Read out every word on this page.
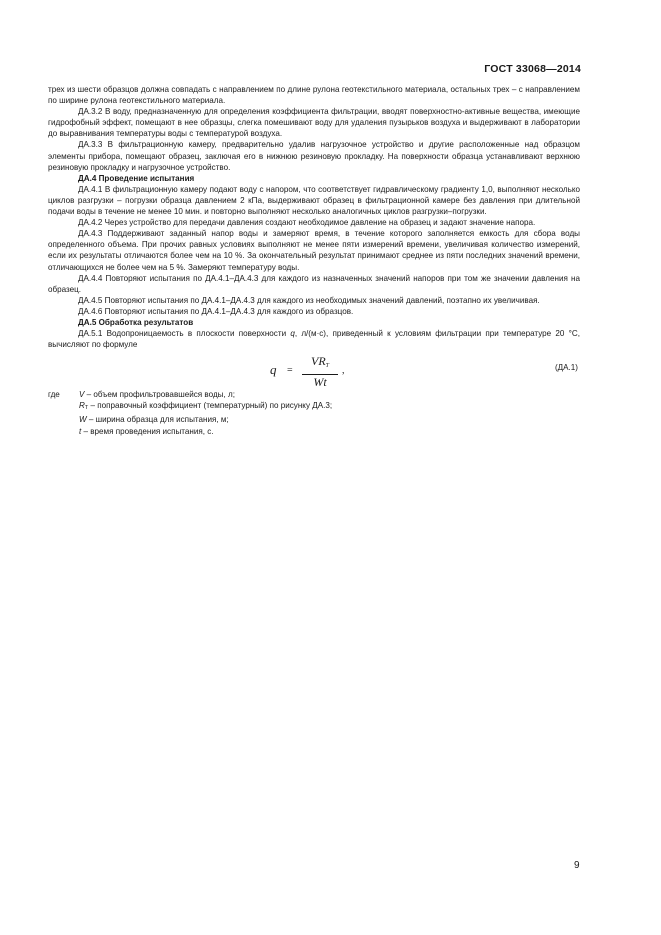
ГОСТ 33068—2014

трех из шести образцов должна совпадать с направлением по длине рулона геотекстильного материала, остальных трех – с направлением по ширине рулона геотекстильного материала.

ДА.3.2 В воду, предназначенную для определения коэффициента фильтрации, вводят поверхностно-активные вещества, имеющие гидрофобный эффект, помещают в нее образцы, слегка помешивают воду для удаления пузырьков воздуха и выдерживают в лаборатории до выравнивания температуры воды с температурой воздуха.

ДА.3.3 В фильтрационную камеру, предварительно удалив нагрузочное устройство и другие расположенные над образцом элементы прибора, помещают образец, заключая его в нижнюю резиновую прокладку. На поверхности образца устанавливают верхнюю резиновую прокладку и нагрузочное устройство.

ДА.4 Проведение испытания

ДА.4.1 В фильтрационную камеру подают воду с напором, что соответствует гидравлическому градиенту 1,0, выполняют несколько циклов разгрузки – погрузки образца давлением 2 кПа, выдерживают образец в фильтрационной камере без давления при длительной подачи воды в течение не менее 10 мин. и повторно выполняют несколько аналогичных циклов разгрузки–погрузки.

ДА.4.2 Через устройство для передачи давления создают необходимое давление на образец и задают значение напора.

ДА.4.3 Поддерживают заданный напор воды и замеряют время, в течение которого заполняется емкость для сбора воды определенного объема. При прочих равных условиях выполняют не менее пяти измерений времени, увеличивая количество измерений, если их результаты отличаются более чем на 10 %. За окончательный результат принимают среднее из пяти последних значений времени, отличающихся не более чем на 5 %. Замеряют температуру воды.

ДА.4.4 Повторяют испытания по ДА.4.1–ДА.4.3 для каждого из назначенных значений напоров при том же значении давления на образец.

ДА.4.5 Повторяют испытания по ДА.4.1–ДА.4.3 для каждого из необходимых значений давлений, поэтапно их увеличивая.

ДА.4.6 Повторяют испытания по ДА.4.1–ДА.4.3 для каждого из образцов.

ДА.5 Обработка результатов

ДА.5.1 Водопроницаемость в плоскости поверхности q, л/(м·с), приведенный к условиям фильтрации при температуре 20 °С, вычисляют по формуле

q =
$VR_T$
Wt
,	(ДА.1)
где V – объем профильтровавшейся воды, л;

$R_T$ – поправочный коэффициент (температурный) по рисунку ДА.3;

W – ширина образца для испытания, м;

t – время проведения испытания, с.

9
